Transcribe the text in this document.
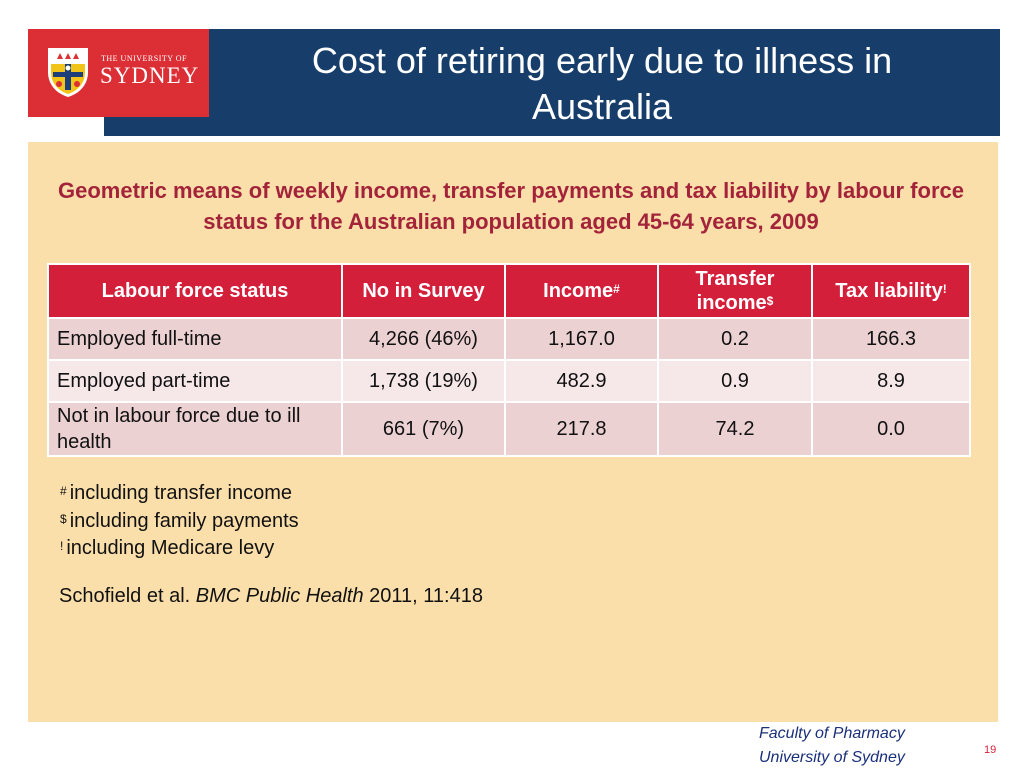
Cost of retiring early due to illness in Australia
THE UNIVERSITY OF
SYDNEY
Geometric means of weekly income, transfer payments and tax liability by labour force status for the Australian population aged 45-64 years, 2009
Labour force status	No in Survey	Income#	Transfer income$	Tax liability!
Employed full-time	4,266 (46%)	1,167.0	0.2	166.3
Employed part-time	1,738 (19%)	482.9	0.9	8.9
Not in labour force due to ill health	661 (7%)	217.8	74.2	0.0
# including transfer income
$ including family payments
! including Medicare levy
Schofield et al. BMC Public Health 2011, 11:418
Faculty of Pharmacy
University of Sydney	19
